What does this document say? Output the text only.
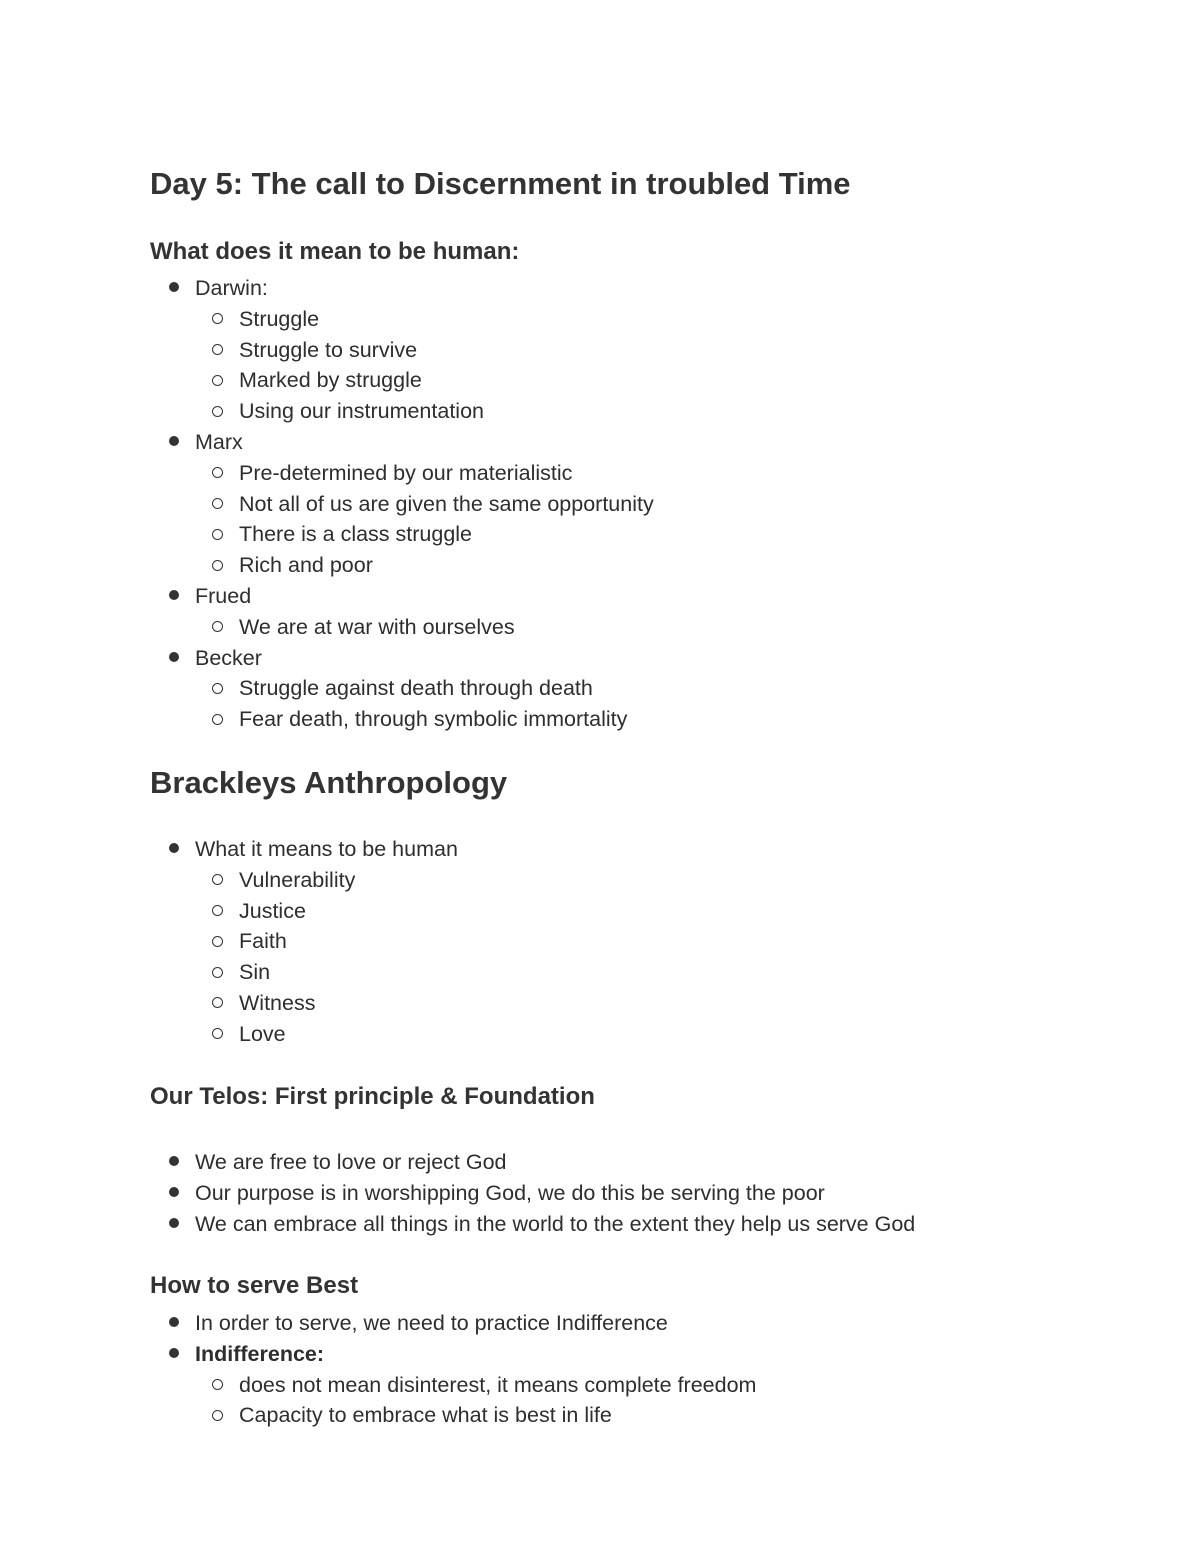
Day 5: The call to Discernment in troubled Time
What does it mean to be human:
Darwin:
Struggle
Struggle to survive
Marked by struggle
Using our instrumentation
Marx
Pre-determined by our materialistic
Not all of us are given the same opportunity
There is a class struggle
Rich and poor
Frued
We are at war with ourselves
Becker
Struggle against death through death
Fear death, through symbolic immortality
Brackleys Anthropology
What it means to be human
Vulnerability
Justice
Faith
Sin
Witness
Love
Our Telos: First principle & Foundation
We are free to love or reject God
Our purpose is in worshipping God, we do this be serving the poor
We can embrace all things in the world to the extent they help us serve God
How to serve Best
In order to serve, we need to practice Indifference
Indifference:
does not mean disinterest, it means complete freedom
Capacity to embrace what is best in life
